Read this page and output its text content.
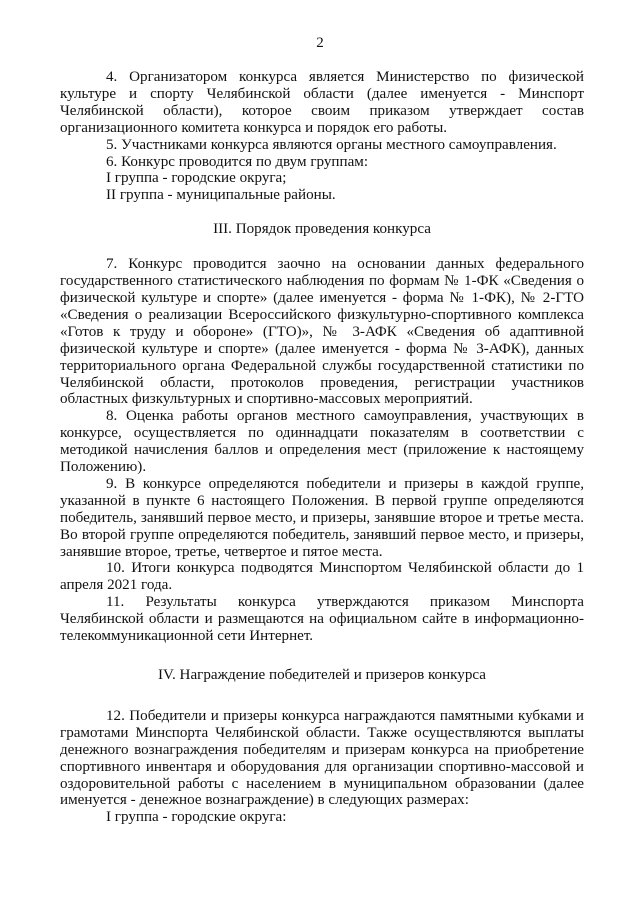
2

4. Организатором конкурса является Министерство по физической культуре и спорту Челябинской области (далее именуется - Минспорт Челябинской области), которое своим приказом утверждает состав организационного комитета конкурса и порядок его работы.

5. Участниками конкурса являются органы местного самоуправления.

6. Конкурс проводится по двум группам:

I группа - городские округа;

II группа - муниципальные районы.

III. Порядок проведения конкурса

7. Конкурс проводится заочно на основании данных федерального государственного статистического наблюдения по формам № 1-ФК «Сведения о физической культуре и спорте» (далее именуется - форма № 1-ФК), № 2-ГТО «Сведения о реализации Всероссийского физкультурно-спортивного комплекса «Готов к труду и обороне» (ГТО)», № 3-АФК «Сведения об адаптивной физической культуре и спорте» (далее именуется - форма № 3-АФК), данных территориального органа Федеральной службы государственной статистики по Челябинской области, протоколов проведения, регистрации участников областных физкультурных и спортивно-массовых мероприятий.

8. Оценка работы органов местного самоуправления, участвующих в конкурсе, осуществляется по одиннадцати показателям в соответствии с методикой начисления баллов и определения мест (приложение к настоящему Положению).

9. В конкурсе определяются победители и призеры в каждой группе, указанной в пункте 6 настоящего Положения. В первой группе определяются победитель, занявший первое место, и призеры, занявшие второе и третье места. Во второй группе определяются победитель, занявший первое место, и призеры, занявшие второе, третье, четвертое и пятое места.

10. Итоги конкурса подводятся Минспортом Челябинской области до 1 апреля 2021 года.

11. Результаты конкурса утверждаются приказом Минспорта Челябинской области и размещаются на официальном сайте в информационно-телекоммуникационной сети Интернет.

IV. Награждение победителей и призеров конкурса

12. Победители и призеры конкурса награждаются памятными кубками и грамотами Минспорта Челябинской области. Также осуществляются выплаты денежного вознаграждения победителям и призерам конкурса на приобретение спортивного инвентаря и оборудования для организации спортивно-массовой и оздоровительной работы с населением в муниципальном образовании (далее именуется - денежное вознаграждение) в следующих размерах:

I группа - городские округа:
